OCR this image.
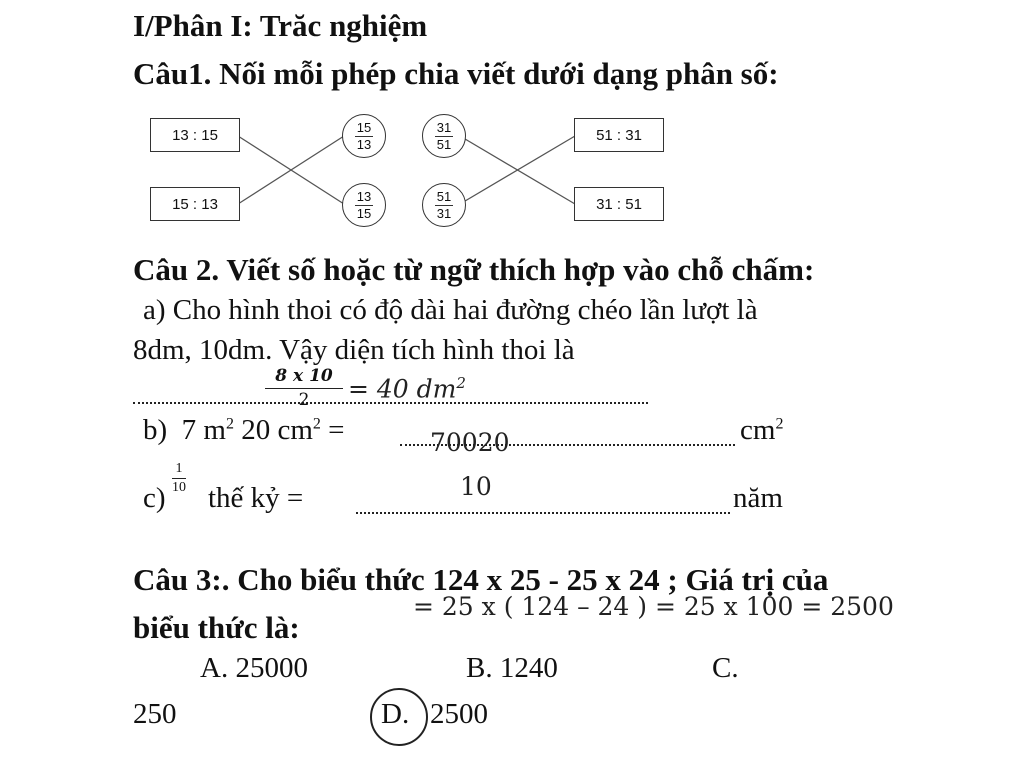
I/Phân I: Trăc nghiệm
Câu1. Nối mỗi phép chia viết dưới dạng phân số:
13 : 15
15 : 13
15
13
13
15
31
51
51
31
51 : 31
31 : 51
Câu 2. Viết số hoặc từ ngữ thích hợp vào chỗ chấm:
a) Cho hình thoi có độ dài hai đường chéo lần lượt là
8dm, 10dm. Vậy diện tích hình thoi là
8 x 10
2 = 40 $dm^2$
b) 7 $m^2$ 20 $cm^2$ =	70020	$cm^2$
c)
1
10 thế kỷ =	10	năm
Câu 3:. Cho biểu thức 124 x 25 - 25 x 24 ; Giá trị của
biểu thức là:
= 25 x ( 124 – 24 ) = 25 x 100 = 2500
A. 25000	B. 1240	C.
250	D. 2500
